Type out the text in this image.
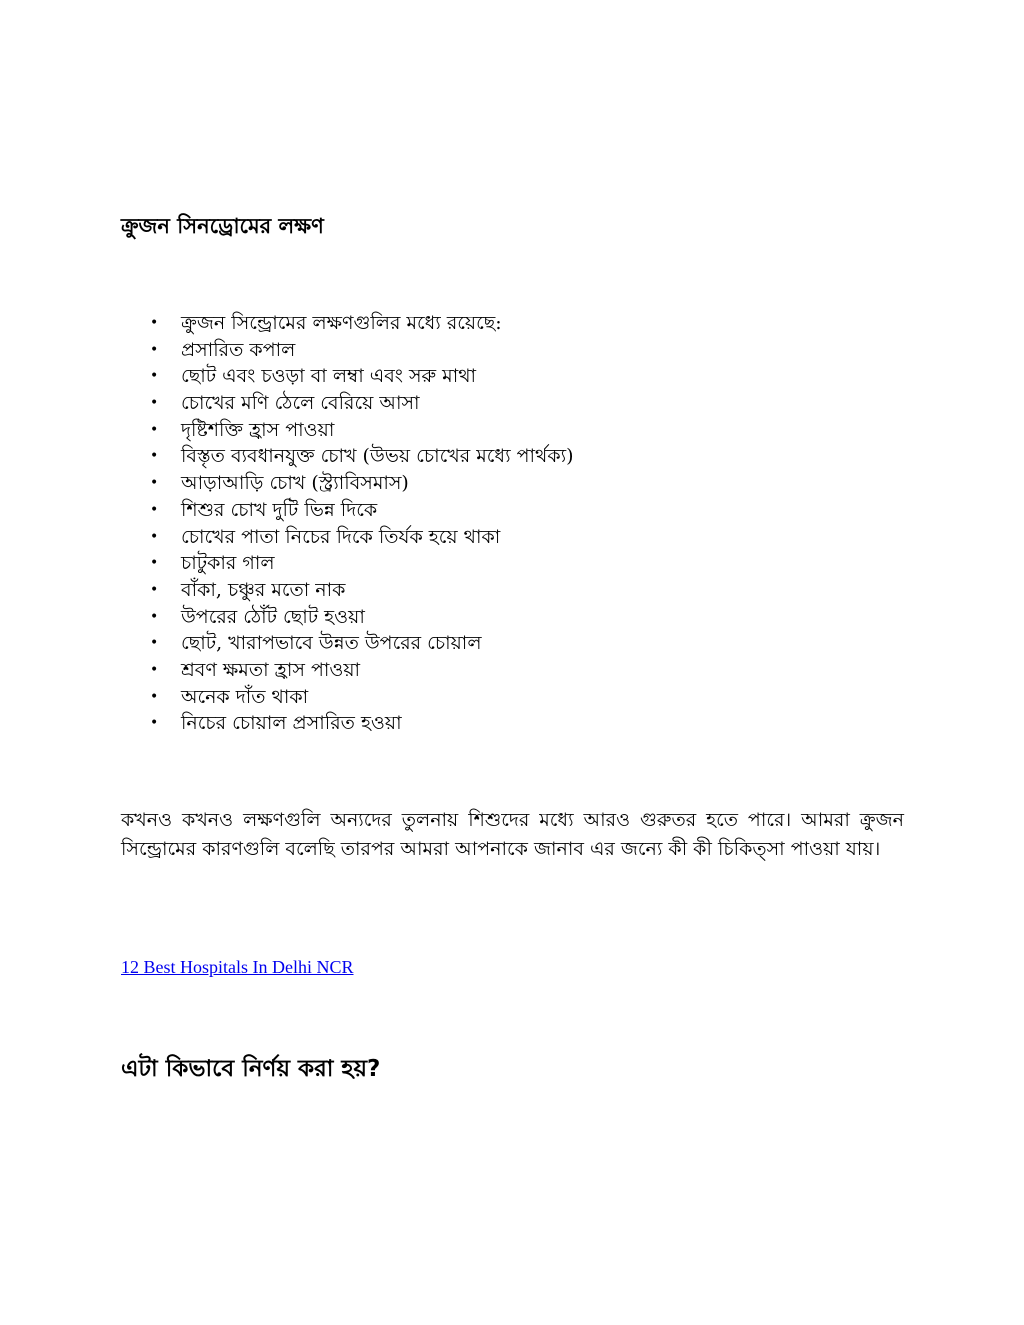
ক্রুজন সিনড্রোমের লক্ষণ
• ক্রুজন সিন্ড্রোমের লক্ষণগুলির মধ্যে রয়েছে:
• প্রসারিত কপাল
• ছোট এবং চওড়া বা লম্বা এবং সরু মাথা
• চোখের মণি ঠেলে বেরিয়ে আসা
• দৃষ্টিশক্তি হ্রাস পাওয়া
• বিস্তৃত ব্যবধানযুক্ত চোখ (উভয় চোখের মধ্যে পার্থক্য)
• আড়াআড়ি চোখ (স্ট্র্যাবিসমাস)
• শিশুর চোখ দুটি ভিন্ন দিকে
• চোখের পাতা নিচের দিকে তির্যক হয়ে থাকা
• চাটুকার গাল
• বাঁকা, চঞ্চুর মতো নাক
• উপরের ঠোঁট ছোট হওয়া
• ছোট, খারাপভাবে উন্নত উপরের চোয়াল
• শ্রবণ ক্ষমতা হ্রাস পাওয়া
• অনেক দাঁত থাকা
• নিচের চোয়াল প্রসারিত হওয়া

কখনও কখনও লক্ষণগুলি অন্যদের তুলনায় শিশুদের মধ্যে আরও গুরুতর হতে পারে। আমরা ক্রুজন সিন্ড্রোমের কারণগুলি বলেছি তারপর আমরা আপনাকে জানাব এর জন্যে কী কী চিকিত্সা পাওয়া যায়।

12 Best Hospitals In Delhi NCR
এটা কিভাবে নির্ণয় করা হয়?
